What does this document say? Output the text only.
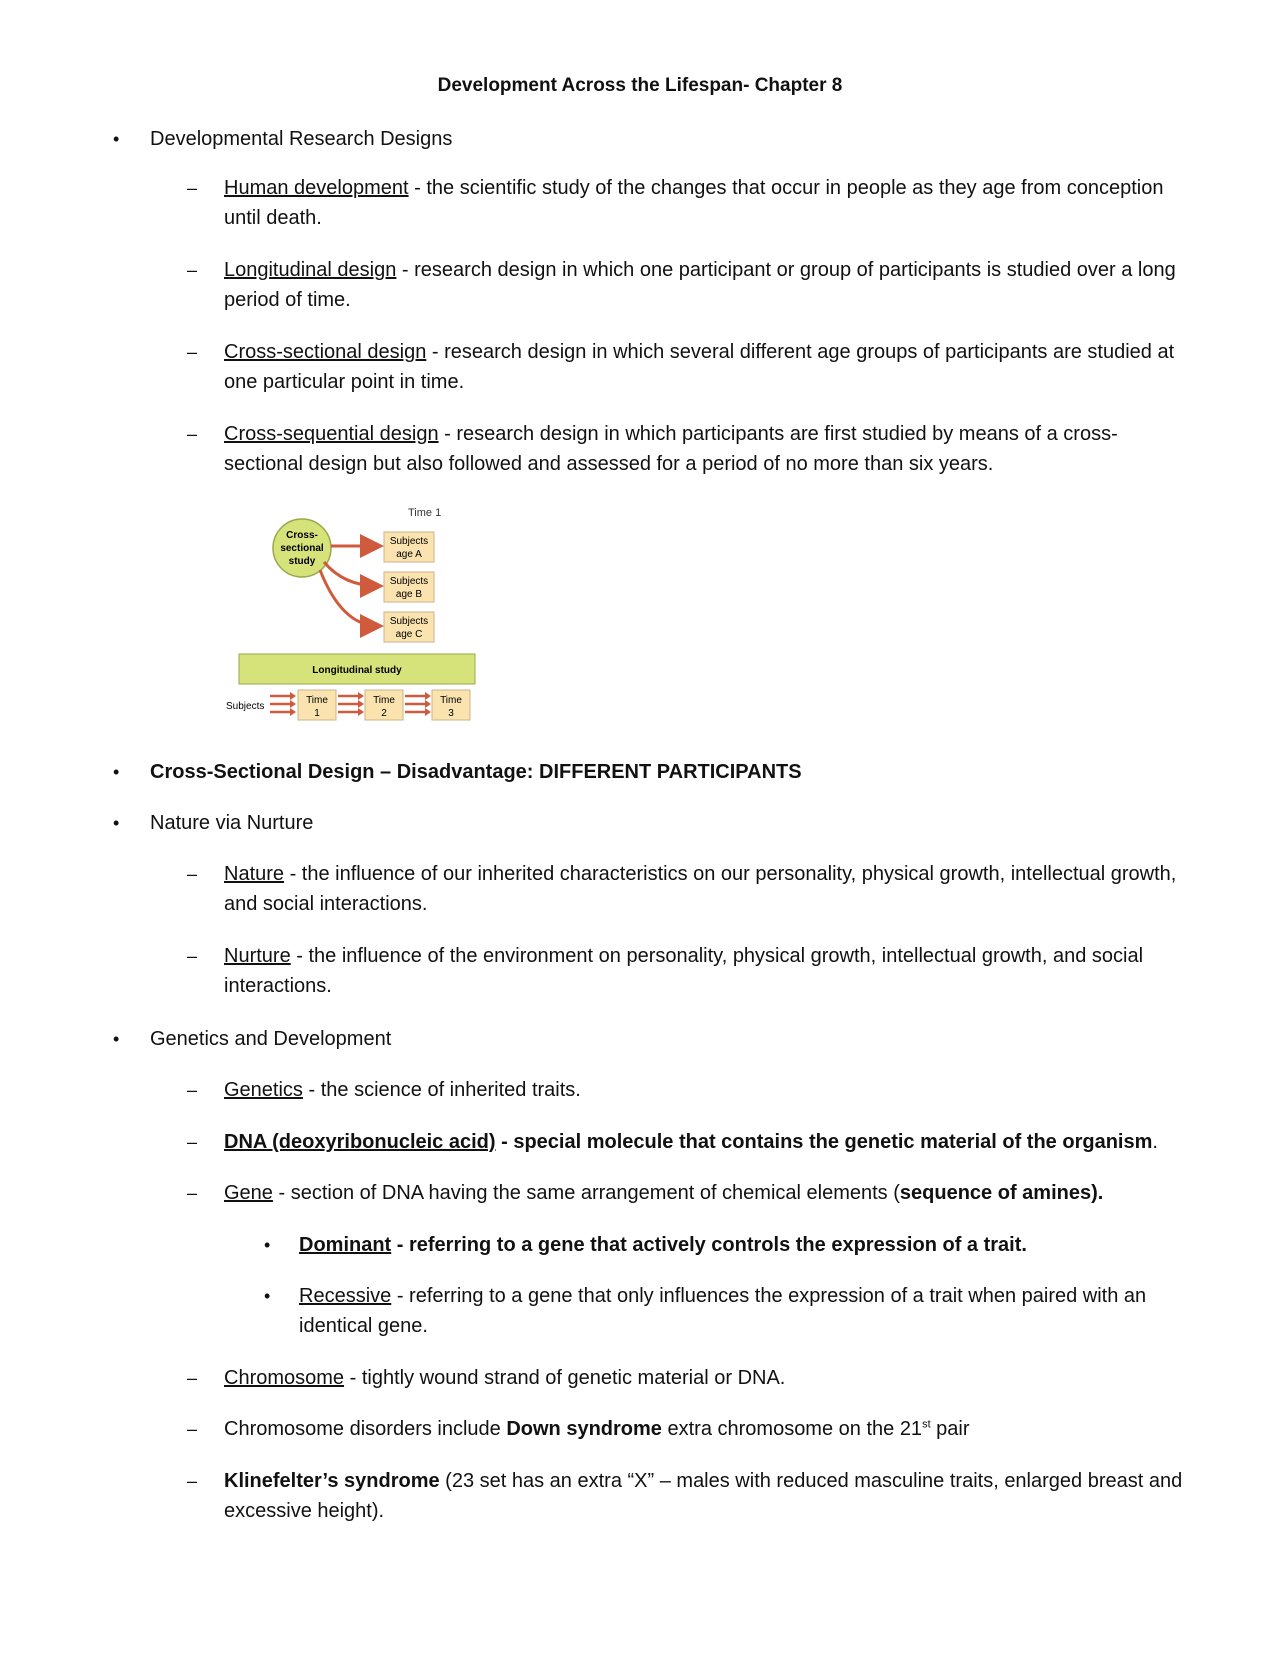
Development Across the Lifespan- Chapter 8
• Developmental Research Designs
– Human development - the scientific study of the changes that occur in people as they age from conception until death.
– Longitudinal design - research design in which one participant or group of participants is studied over a long period of time.
– Cross-sectional design - research design in which several different age groups of participants are studied at one particular point in time.
– Cross-sequential design - research design in which participants are first studied by means of a cross-sectional design but also followed and assessed for a period of no more than six years.
Time 1
Cross-
sectional
study
Subjects
age A
Subjects
age B
Subjects
age C
Longitudinal study
Subjects
Time
1
Time
2
Time
3
• Cross-Sectional Design – Disadvantage: DIFFERENT PARTICIPANTS
• Nature via Nurture
– Nature - the influence of our inherited characteristics on our personality, physical growth, intellectual growth, and social interactions.
– Nurture - the influence of the environment on personality, physical growth, intellectual growth, and social interactions.
• Genetics and Development
– Genetics - the science of inherited traits.
– DNA (deoxyribonucleic acid) - special molecule that contains the genetic material of the organism.
– Gene - section of DNA having the same arrangement of chemical elements (sequence of amines).
• Dominant - referring to a gene that actively controls the expression of a trait.
• Recessive - referring to a gene that only influences the expression of a trait when paired with an identical gene.
– Chromosome - tightly wound strand of genetic material or DNA.
– Chromosome disorders include Down syndrome extra chromosome on the 21st pair
– Klinefelter’s syndrome (23 set has an extra “X” – males with reduced masculine traits, enlarged breast and excessive height).
